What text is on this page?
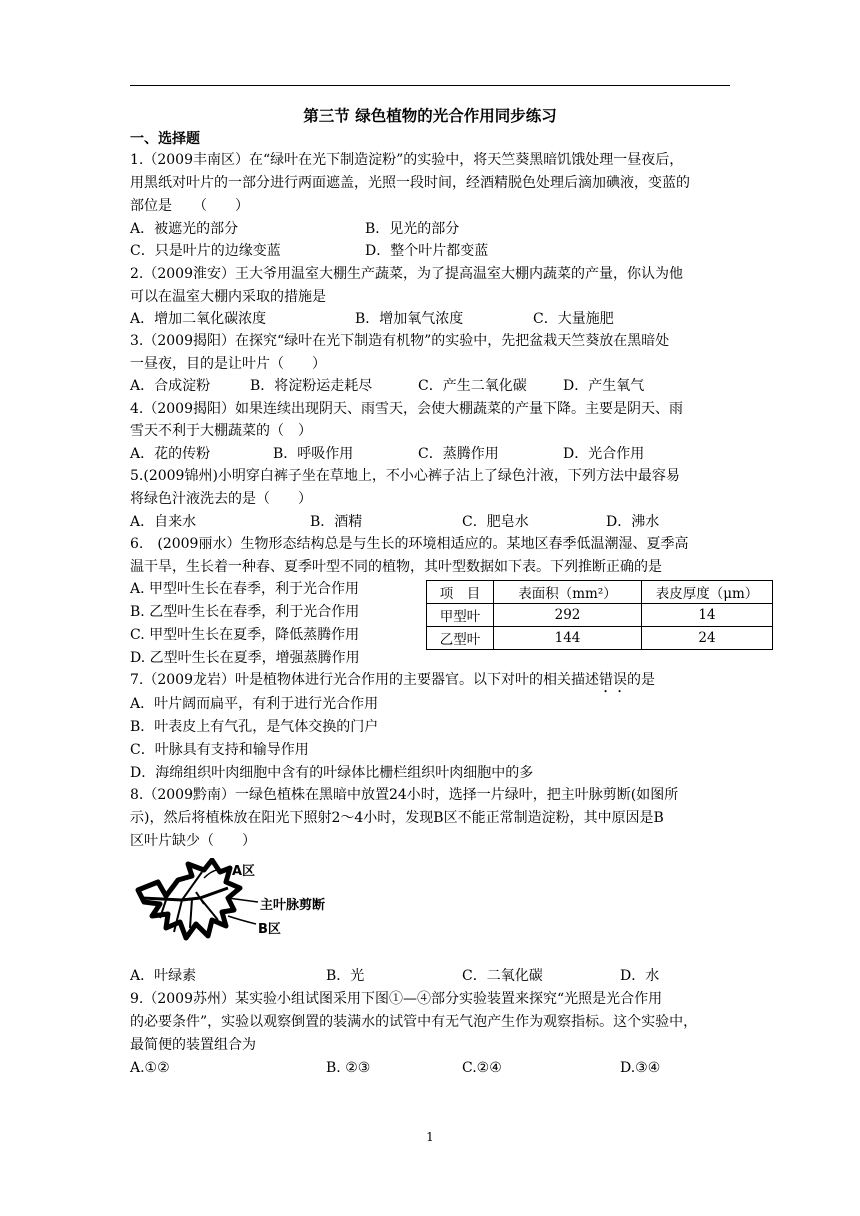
第三节 绿色植物的光合作用同步练习
一、选择题
1.（2009丰南区）在“绿叶在光下制造淀粉”的实验中，将天竺葵黑暗饥饿处理一昼夜后，
用黑纸对叶片的一部分进行两面遮盖，光照一段时间，经酒精脱色处理后滴加碘液，变蓝的
部位是　　（　　）
A．被遮光的部分	B．见光的部分
C．只是叶片的边缘变蓝	D．整个叶片都变蓝
2.（2009淮安）王大爷用温室大棚生产蔬菜，为了提高温室大棚内蔬菜的产量，你认为他
可以在温室大棚内采取的措施是
A．增加二氧化碳浓度	B．增加氧气浓度	C．大量施肥
3.（2009揭阳）在探究“绿叶在光下制造有机物”的实验中，先把盆栽天竺葵放在黑暗处
一昼夜，目的是让叶片（　　）
A．合成淀粉	B．将淀粉运走耗尽	C．产生二氧化碳	D．产生氧气
4.（2009揭阳）如果连续出现阴天、雨雪天，会使大棚蔬菜的产量下降。主要是阴天、雨
雪天不利于大棚蔬菜的（　）
A．花的传粉	B．呼吸作用	C．蒸腾作用	D．光合作用
5.(2009锦州)小明穿白裤子坐在草地上，不小心裤子沾上了绿色汁液，下列方法中最容易
将绿色汁液洗去的是（　　）
A．自来水	B．酒精	C．肥皂水	D．沸水
6.　(2009丽水）生物形态结构总是与生长的环境相适应的。某地区春季低温潮湿、夏季高
温干旱，生长着一种春、夏季叶型不同的植物，其叶型数据如下表。下列推断正确的是
A. 甲型叶生长在春季，利于光合作用
B. 乙型叶生长在春季，利于光合作用
C. 甲型叶生长在夏季，降低蒸腾作用
D. 乙型叶生长在夏季，增强蒸腾作用
项　目	表面积（mm²）	表皮厚度（μm）
甲型叶	292	14
乙型叶	144	24
7.（2009龙岩）叶是植物体进行光合作用的主要器官。以下对叶的相关描述错误的是
A．叶片阔而扁平，有利于进行光合作用
B．叶表皮上有气孔，是气体交换的门户
C．叶脉具有支持和输导作用
D．海绵组织叶肉细胞中含有的叶绿体比栅栏组织叶肉细胞中的多
8.（2009黔南）一绿色植株在黑暗中放置24小时，选择一片绿叶，把主叶脉剪断(如图所
示)，然后将植株放在阳光下照射2～4小时，发现B区不能正常制造淀粉，其中原因是B
区叶片缺少（　　）
A区
主叶脉剪断
B区
A．叶绿素	B．光	C．二氧化碳	D．水
9.（2009苏州）某实验小组试图采用下图①—④部分实验装置来探究“光照是光合作用
的必要条件”，实验以观察倒置的装满水的试管中有无气泡产生作为观察指标。这个实验中，
最简便的装置组合为
A.①②	B. ②③	C.②④	D.③④
1
